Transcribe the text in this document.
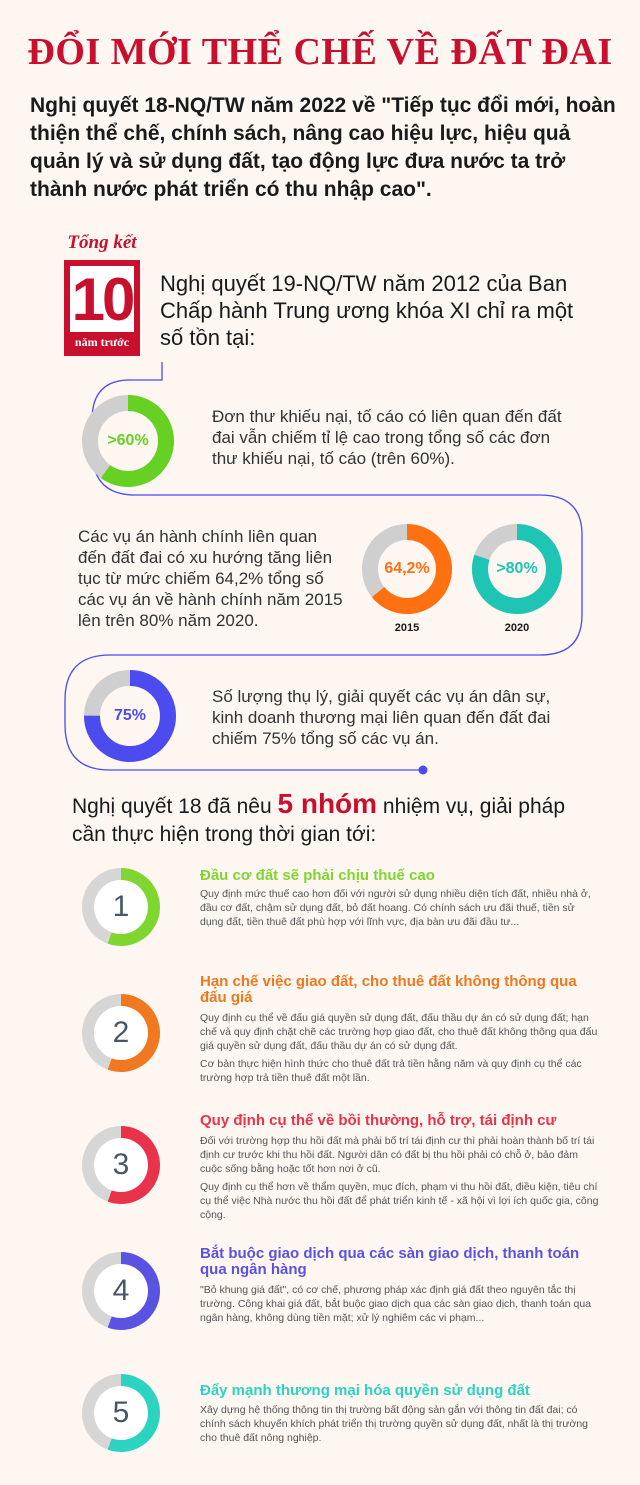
ĐỔI MỚI THỂ CHẾ VỀ ĐẤT ĐAI
Nghị quyết 18-NQ/TW năm 2022 về "Tiếp tục đổi mới, hoàn thiện thể chế, chính sách, nâng cao hiệu lực, hiệu quả quản lý và sử dụng đất, tạo động lực đưa nước ta trở thành nước phát triển có thu nhập cao".
Tổng kết
10
năm trước
Nghị quyết 19-NQ/TW năm 2012 của Ban Chấp hành Trung ương khóa XI chỉ ra một số tồn tại:
>60%
Đơn thư khiếu nại, tố cáo có liên quan đến đất đai vẫn chiếm tỉ lệ cao trong tổng số các đơn thư khiếu nại, tố cáo (trên 60%).
Các vụ án hành chính liên quan đến đất đai có xu hướng tăng liên tục từ mức chiếm 64,2% tổng số các vụ án về hành chính năm 2015 lên trên 80% năm 2020.
64,2%
2015
>80%
2020
75%
Số lượng thụ lý, giải quyết các vụ án dân sự, kinh doanh thương mại liên quan đến đất đai chiếm 75% tổng số các vụ án.
Nghị quyết 18 đã nêu 5 nhóm nhiệm vụ, giải pháp cần thực hiện trong thời gian tới:
1
Đầu cơ đất sẽ phải chịu thuế cao

Quy định mức thuế cao hơn đối với người sử dụng nhiều diện tích đất, nhiều nhà ở, đầu cơ đất, chậm sử dụng đất, bỏ đất hoang. Có chính sách ưu đãi thuế, tiền sử dụng đất, tiền thuê đất phù hợp với lĩnh vực, địa bàn ưu đãi đầu tư...

2
Hạn chế việc giao đất, cho thuê đất không thông qua đấu giá

Quy định cụ thể về đấu giá quyền sử dụng đất, đấu thầu dự án có sử dụng đất; hạn chế và quy định chặt chẽ các trường hợp giao đất, cho thuê đất không thông qua đấu giá quyền sử dụng đất, đấu thầu dự án có sử dụng đất.

Cơ bản thực hiện hình thức cho thuê đất trả tiền hằng năm và quy định cụ thể các trường hợp trả tiền thuê đất một lần.

3
Quy định cụ thể về bồi thường, hỗ trợ, tái định cư

Đối với trường hợp thu hồi đất mà phải bố trí tái định cư thì phải hoàn thành bố trí tái định cư trước khi thu hồi đất. Người dân có đất bị thu hồi phải có chỗ ở, bảo đảm cuộc sống bằng hoặc tốt hơn nơi ở cũ.

Quy định cụ thể hơn về thẩm quyền, mục đích, phạm vi thu hồi đất, điều kiện, tiêu chí cụ thể việc Nhà nước thu hồi đất để phát triển kinh tế - xã hội vì lợi ích quốc gia, công cộng.

4
Bắt buộc giao dịch qua các sàn giao dịch, thanh toán qua ngân hàng

"Bỏ khung giá đất", có cơ chế, phương pháp xác định giá đất theo nguyên tắc thị trường. Công khai giá đất, bắt buộc giao dịch qua các sàn giao dịch, thanh toán qua ngân hàng, không dùng tiền mặt; xử lý nghiêm các vi phạm...

5
Đẩy mạnh thương mại hóa quyền sử dụng đất

Xây dựng hệ thống thông tin thị trường bất động sản gắn với thông tin đất đai; có chính sách khuyến khích phát triển thị trường quyền sử dụng đất, nhất là thị trường cho thuê đất nông nghiệp.
